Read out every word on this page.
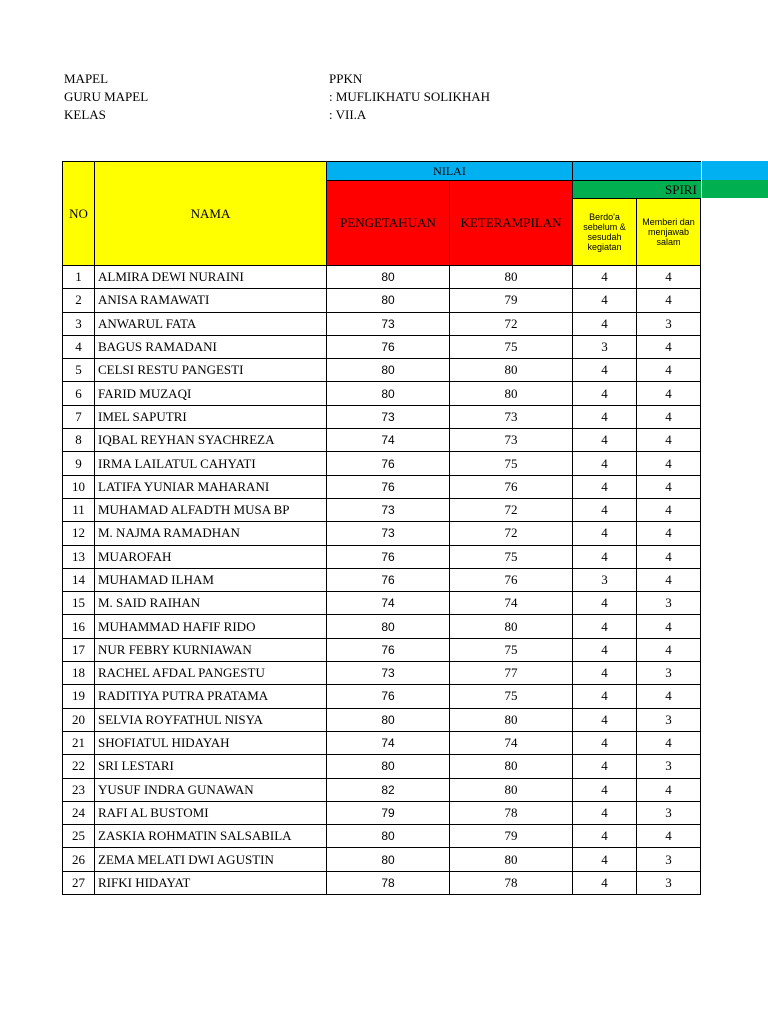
MAPEL	PPKN
GURU MAPEL	: MUFLIKHATU SOLIKHAH
KELAS	: VII.A
NO	NAMA	NILAI			
		PENGETAHUAN	KETERAMPILAN	SPIRI	
				Berdo'a sebelum & sesudah kegiatan	Memberi dan menjawab salam
1	ALMIRA DEWI NURAINI	80	80	4	4
2	ANISA RAMAWATI	80	79	4	4
3	ANWARUL FATA	73	72	4	3
4	BAGUS RAMADANI	76	75	3	4
5	CELSI RESTU PANGESTI	80	80	4	4
6	FARID MUZAQI	80	80	4	4
7	IMEL SAPUTRI	73	73	4	4
8	IQBAL REYHAN SYACHREZA	74	73	4	4
9	IRMA LAILATUL CAHYATI	76	75	4	4
10	LATIFA YUNIAR MAHARANI	76	76	4	4
11	MUHAMAD ALFADTH MUSA BP	73	72	4	4
12	M. NAJMA RAMADHAN	73	72	4	4
13	MUAROFAH	76	75	4	4
14	MUHAMAD ILHAM	76	76	3	4
15	M. SAID RAIHAN	74	74	4	3
16	MUHAMMAD HAFIF RIDO	80	80	4	4
17	NUR FEBRY KURNIAWAN	76	75	4	4
18	RACHEL AFDAL PANGESTU	73	77	4	3
19	RADITIYA PUTRA PRATAMA	76	75	4	4
20	SELVIA ROYFATHUL NISYA	80	80	4	3
21	SHOFIATUL HIDAYAH	74	74	4	4
22	SRI LESTARI	80	80	4	3
23	YUSUF INDRA GUNAWAN	82	80	4	4
24	RAFI AL BUSTOMI	79	78	4	3
25	ZASKIA ROHMATIN SALSABILA	80	79	4	4
26	ZEMA MELATI DWI AGUSTIN	80	80	4	3
27	RIFKI HIDAYAT	78	78	4	3
